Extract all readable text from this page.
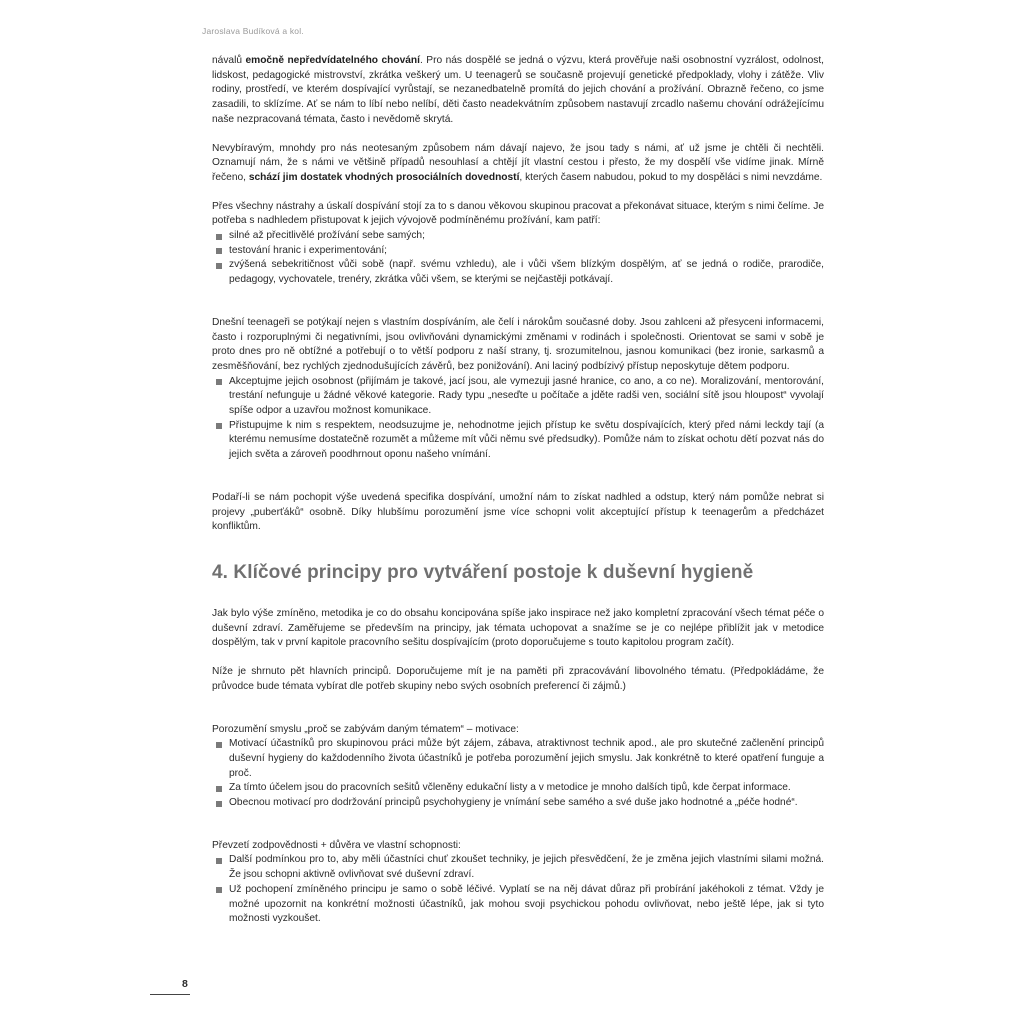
Jaroslava Budíková a kol.

návalů emočně nepředvídatelného chování. Pro nás dospělé se jedná o výzvu, která prověřuje naši osobnostní vyzrálost, odolnost, lidskost, pedagogické mistrovství, zkrátka veškerý um. U teenagerů se současně projevují genetické předpoklady, vlohy i zátěže. Vliv rodiny, prostředí, ve kterém dospívající vyrůstají, se nezanedbatelně promítá do jejich chování a prožívání. Obrazně řečeno, co jsme zasadili, to sklízíme. Ať se nám to líbí nebo nelíbí, děti často neadekvátním způsobem nastavují zrcadlo našemu chování odrážejícímu naše nezpracovaná témata, často i nevědomě skrytá.

Nevybíravým, mnohdy pro nás neotesaným způsobem nám dávají najevo, že jsou tady s námi, ať už jsme je chtěli či nechtěli. Oznamují nám, že s námi ve většině případů nesouhlasí a chtějí jít vlastní cestou i přesto, že my dospělí vše vidíme jinak. Mírně řečeno, schází jim dostatek vhodných prosociálních dovedností, kterých časem nabudou, pokud to my dospěláci s nimi nevzdáme.

Přes všechny nástrahy a úskalí dospívání stojí za to s danou věkovou skupinou pracovat a překonávat situace, kterým s nimi čelíme. Je potřeba s nadhledem přistupovat k jejich vývojově podmíněnému prožívání, kam patří:

silné až přecitlivělé prožívání sebe samých;
testování hranic i experimentování;
zvýšená sebekritičnost vůči sobě (např. svému vzhledu), ale i vůči všem blízkým dospělým, ať se jedná o rodiče, prarodiče, pedagogy, vychovatele, trenéry, zkrátka vůči všem, se kterými se nejčastěji potkávají.

Dnešní teenageři se potýkají nejen s vlastním dospíváním, ale čelí i nárokům současné doby. Jsou zahlceni až přesyceni informacemi, často i rozporuplnými či negativními, jsou ovlivňováni dynamickými změnami v rodinách i společnosti. Orientovat se sami v sobě je proto dnes pro ně obtížné a potřebují o to větší podporu z naší strany, tj. srozumitelnou, jasnou komunikaci (bez ironie, sarkasmů a zesměšňování, bez rychlých zjednodušujících závěrů, bez ponižování). Ani laciný podbízivý přístup neposkytuje dětem podporu.

Akceptujme jejich osobnost (přijímám je takové, jací jsou, ale vymezuji jasné hranice, co ano, a co ne). Moralizování, mentorování, trestání nefunguje u žádné věkové kategorie. Rady typu „neseďte u počítače a jděte radši ven, sociální sítě jsou hloupost“ vyvolají spíše odpor a uzavřou možnost komunikace.
Přistupujme k nim s respektem, neodsuzujme je, nehodnotme jejich přístup ke světu dospívajících, který před námi leckdy tají (a kterému nemusíme dostatečně rozumět a můžeme mít vůči němu své předsudky). Pomůže nám to získat ochotu dětí pozvat nás do jejich světa a zároveň poodhrnout oponu našeho vnímání.

Podaří-li se nám pochopit výše uvedená specifika dospívání, umožní nám to získat nadhled a odstup, který nám pomůže nebrat si projevy „puberťáků“ osobně. Díky hlubšímu porozumění jsme více schopni volit akceptující přístup k teenagerům a předcházet konfliktům.

4. Klíčové principy pro vytváření postoje k duševní hygieně

Jak bylo výše zmíněno, metodika je co do obsahu koncipována spíše jako inspirace než jako kompletní zpracování všech témat péče o duševní zdraví. Zaměřujeme se především na principy, jak témata uchopovat a snažíme se je co nejlépe přiblížit jak v metodice dospělým, tak v první kapitole pracovního sešitu dospívajícím (proto doporučujeme s touto kapitolou program začít).

Níže je shrnuto pět hlavních principů. Doporučujeme mít je na paměti při zpracovávání libovolného tématu. (Předpokládáme, že průvodce bude témata vybírat dle potřeb skupiny nebo svých osobních preferencí či zájmů.)

Porozumění smyslu „proč se zabývám daným tématem“ – motivace:

Motivací účastníků pro skupinovou práci může být zájem, zábava, atraktivnost technik apod., ale pro skutečné začlenění principů duševní hygieny do každodenního života účastníků je potřeba porozumění jejich smyslu. Jak konkrétně to které opatření funguje a proč.
Za tímto účelem jsou do pracovních sešitů včleněny edukační listy a v metodice je mnoho dalších tipů, kde čerpat informace.
Obecnou motivací pro dodržování principů psychohygieny je vnímání sebe samého a své duše jako hodnotné a „péče hodné“.

Převzetí zodpovědnosti + důvěra ve vlastní schopnosti:

Další podmínkou pro to, aby měli účastníci chuť zkoušet techniky, je jejich přesvědčení, že je změna jejich vlastními silami možná. Že jsou schopni aktivně ovlivňovat své duševní zdraví.
Už pochopení zmíněného principu je samo o sobě léčivé. Vyplatí se na něj dávat důraz při probírání jakéhokoli z témat. Vždy je možné upozornit na konkrétní možnosti účastníků, jak mohou svoji psychickou pohodu ovlivňovat, nebo ještě lépe, jak si tyto možnosti vyzkoušet.
8
